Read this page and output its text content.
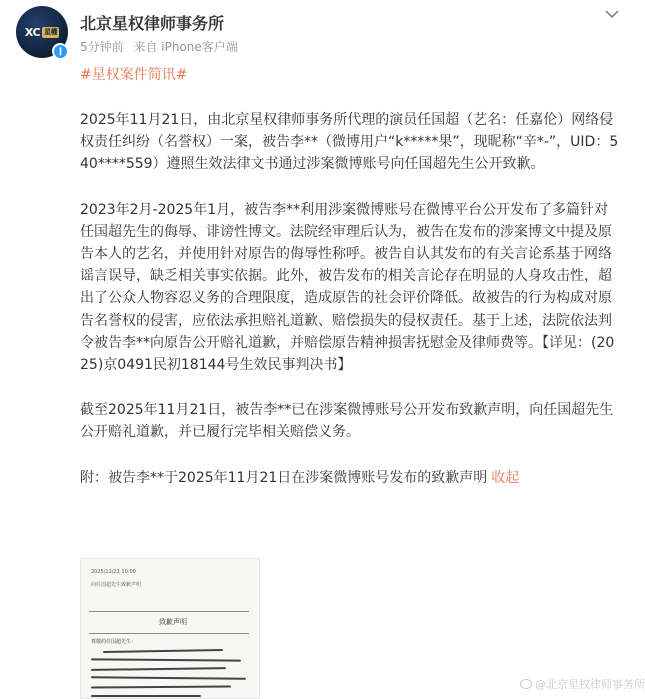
XC 星權 北京星权律师事务所
5分钟前 来自 iPhone客户端
#星权案件简讯#

2025年11月21日，由北京星权律师事务所代理的演员任国超（艺名：任嘉伦）网络侵权责任纠纷（名誉权）一案，被告李**（微博用户“k*****果”，现昵称“辛*-”，UID：540****559）遵照生效法律文书通过涉案微博账号向任国超先生公开致歉。

2023年2月-2025年1月，被告李**利用涉案微博账号在微博平台公开发布了多篇针对任国超先生的侮辱、诽谤性博文。法院经审理后认为，被告在发布的涉案博文中提及原告本人的艺名，并使用针对原告的侮辱性称呼。被告自认其发布的有关言论系基于网络谣言误导，缺乏相关事实依据。此外，被告发布的相关言论存在明显的人身攻击性，超出了公众人物容忍义务的合理限度，造成原告的社会评价降低。故被告的行为构成对原告名誉权的侵害，应依法承担赔礼道歉、赔偿损失的侵权责任。基于上述，法院依法判令被告李**向原告公开赔礼道歉，并赔偿原告精神损害抚慰金及律师费等。【详见：(2025)京0491民初18144号生效民事判决书】

截至2025年11月21日，被告李**已在涉案微博账号公开发布致歉声明，向任国超先生公开赔礼道歉，并已履行完毕相关赔偿义务。

附：被告李**于2025年11月21日在涉案微博账号发布的致歉声明 收起

2025/11/21 10:00
向任国超先生致歉声明
致歉声明
尊敬的任国超先生：
@北京星权律师事务所
